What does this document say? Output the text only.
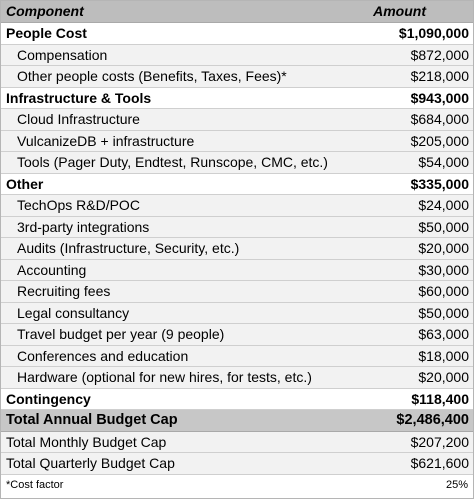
Component	Amount
People Cost	$1,090,000
Compensation	$872,000
Other people costs (Benefits, Taxes, Fees)*	$218,000
Infrastructure & Tools	$943,000
Cloud Infrastructure	$684,000
VulcanizeDB + infrastructure	$205,000
Tools (Pager Duty, Endtest, Runscope, CMC, etc.)	$54,000
Other	$335,000
TechOps R&D/POC	$24,000
3rd-party integrations	$50,000
Audits (Infrastructure, Security, etc.)	$20,000
Accounting	$30,000
Recruiting fees	$60,000
Legal consultancy	$50,000
Travel budget per year (9 people)	$63,000
Conferences and education	$18,000
Hardware (optional for new hires, for tests, etc.)	$20,000
Contingency	$118,400
Total Annual Budget Cap	$2,486,400
Total Monthly Budget Cap	$207,200
Total Quarterly Budget Cap	$621,600
*Cost factor	25%
